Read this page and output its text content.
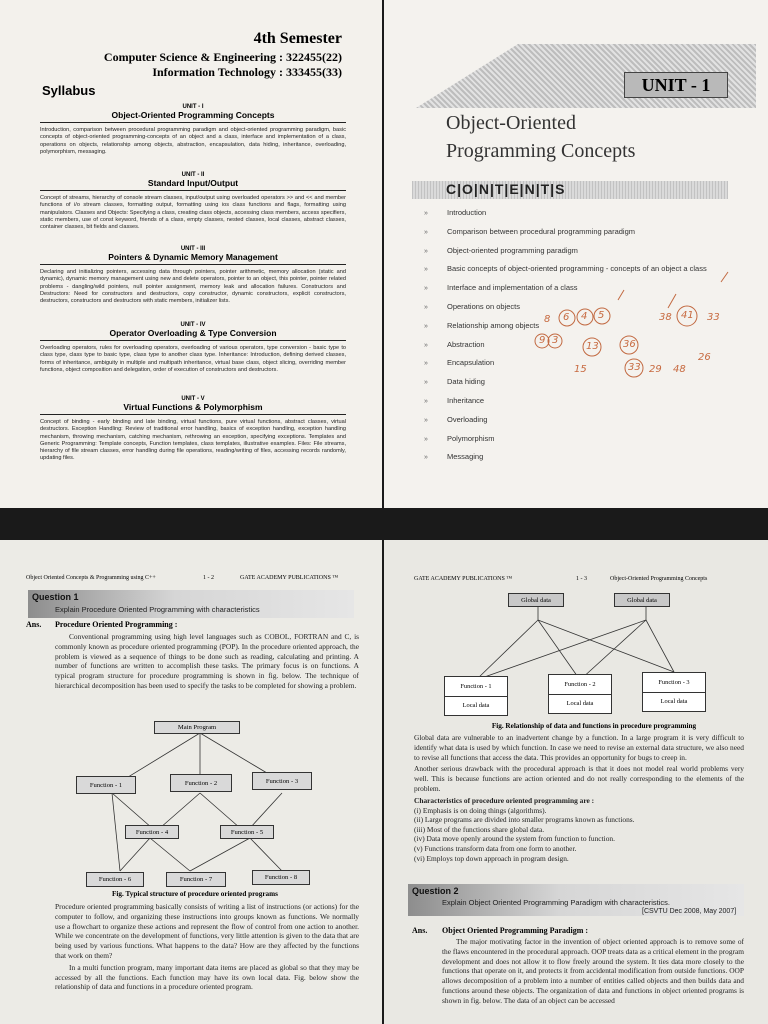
4th Semester
Computer Science & Engineering : 322455(22)
Information Technology : 333455(33)
Syllabus
UNIT - I
Object-Oriented Programming Concepts
Introduction, comparison between procedural programming paradigm and object-oriented programming paradigm, basic concepts of object-oriented programming-concepts of an object and a class, interface and implementation of a class, operations on objects, relationship among objects, abstraction, encapsulation, data hiding, inheritance, overloading, polymorphism, messaging.
UNIT - II
Standard Input/Output
Concept of streams, hierarchy of console stream classes, input/output using overloaded operators >> and << and member functions of i/o stream classes, formatting output, formatting using ios class functions and flags, formatting using manipulators. Classes and Objects: Specifying a class, creating class objects, accessing class members, access specifiers, static members, use of const keyword, friends of a class, empty classes, nested classes, local classes, abstract classes, container classes, bit fields and classes.
UNIT - III
Pointers & Dynamic Memory Management
Declaring and initializing pointers, accessing data through pointers, pointer arithmetic, memory allocation (static and dynamic), dynamic memory management using new and delete operators, pointer to an object, this pointer, pointer related problems - dangling/wild pointers, null pointer assignment, memory leak and allocation failures. Constructors and Destructors: Need for constructors and destructors, copy constructor, dynamic constructors, explicit constructors, destructors, constructors and destructors with static members, initializer lists.
UNIT - IV
Operator Overloading & Type Conversion
Overloading operators, rules for overloading operators, overloading of various operators, type conversion - basic type to class type, class type to basic type, class type to another class type. Inheritance: Introduction, defining derived classes, forms of inheritance, ambiguity in multiple and multipath inheritance, virtual base class, object slicing, overriding member functions, object composition and delegation, order of execution of constructors and destructors.
UNIT - V
Virtual Functions & Polymorphism
Concept of binding - early binding and late binding, virtual functions, pure virtual functions, abstract classes, virtual destructors. Exception Handling: Review of traditional error handling, basics of exception handling, exception handling mechanism, throwing mechanism, catching mechanism, rethrowing an exception, specifying exceptions. Templates and Generic Programming: Template concepts, Function templates, class templates, illustrative examples. Files: File streams, hierarchy of file stream classes, error handling during file operations, reading/writing of files, accessing records randomly, updating files.
UNIT - 1
Object-Oriented
Programming Concepts
C|O|N|T|E|N|T|S
»	Introduction
»	Comparison between procedural programming paradigm
»	Object-oriented programming paradigm
»	Basic concepts of object-oriented programming - concepts of an object a class
»	Interface and implementation of a class
»	Operations on objects
»	Relationship among objects
»	Abstraction
»	Encapsulation
»	Data hiding
»	Inheritance
»	Overloading
»	Polymorphism
»	Messaging
8 6 4 5	38 41 33
9 3
13 36
15	33 29 48
26
Object Oriented Concepts & Programming using C++	1 - 2	GATE ACADEMY PUBLICATIONS ™
Question 1
Explain Procedure Oriented Programming with characteristics
Ans. Procedure Oriented Programming :

Conventional programming using high level languages such as COBOL, FORTRAN and C, is commonly known as procedure oriented programming (POP). In the procedure oriented approach, the problem is viewed as a sequence of things to be done such as reading, calculating and printing. A number of functions are written to accomplish these tasks. The primary focus is on functions. A typical program structure for procedure programming is shown in fig. below. The technique of hierarchical decomposition has been used to specify the tasks to be completed for showing a problem.

Main Program
Function - 1	Function - 2	Function - 3
Function - 4	Function - 5
Function - 6	Function - 7	Function - 8
Fig. Typical structure of procedure oriented programs

Procedure oriented programming basically consists of writing a list of instructions (or actions) for the computer to follow, and organizing these instructions into groups known as functions. We normally use a flowchart to organize these actions and represent the flow of control from one action to another. While we concentrate on the development of functions, very little attention is given to the data that are being used by various functions. What happens to the data? How are they affected by the functions that work on them?

In a multi function program, many important data items are placed as global so that they may be accessed by all the functions. Each function may have its own local data. Fig. below show the relationship of data and functions in a procedure oriented program.

GATE ACADEMY PUBLICATIONS ™	1 - 3	Object-Oriented Programming Concepts
Global data	Global data
Function - 1
Local data
Function - 2
Local data
Function - 3
Local data
Fig. Relationship of data and functions in procedure programming

Global data are vulnerable to an inadvertent change by a function. In a large program it is very difficult to identify what data is used by which function. In case we need to revise an external data structure, we also need to revise all functions that access the data. This provides an opportunity for bugs to creep in.

Another serious drawback with the procedural approach is that it does not model real world problems very well. This is because functions are action oriented and do not really corresponding to the elements of the problem.

Characteristics of procedure oriented programming are :
(i) Emphasis is on doing things (algorithms).
(ii) Large programs are divided into smaller programs known as functions.
(iii) Most of the functions share global data.
(iv) Data move openly around the system from function to function.
(v) Functions transform data from one form to another.
(vi) Employs top down approach in program design.
Question 2
Explain Object Oriented Programming Paradigm with characteristics.
[CSVTU Dec 2008, May 2007]
Ans. Object Oriented Programming Paradigm :

The major motivating factor in the invention of object oriented approach is to remove some of the flaws encountered in the procedural approach. OOP treats data as a critical element in the program development and does not allow it to flow freely around the system. It ties data more closely to the functions that operate on it, and protects it from accidental modification from outside functions. OOP allows decomposition of a problem into a number of entities called objects and then builds data and functions around these objects. The organization of data and functions in object oriented programs is shown in fig. below. The data of an object can be accessed
